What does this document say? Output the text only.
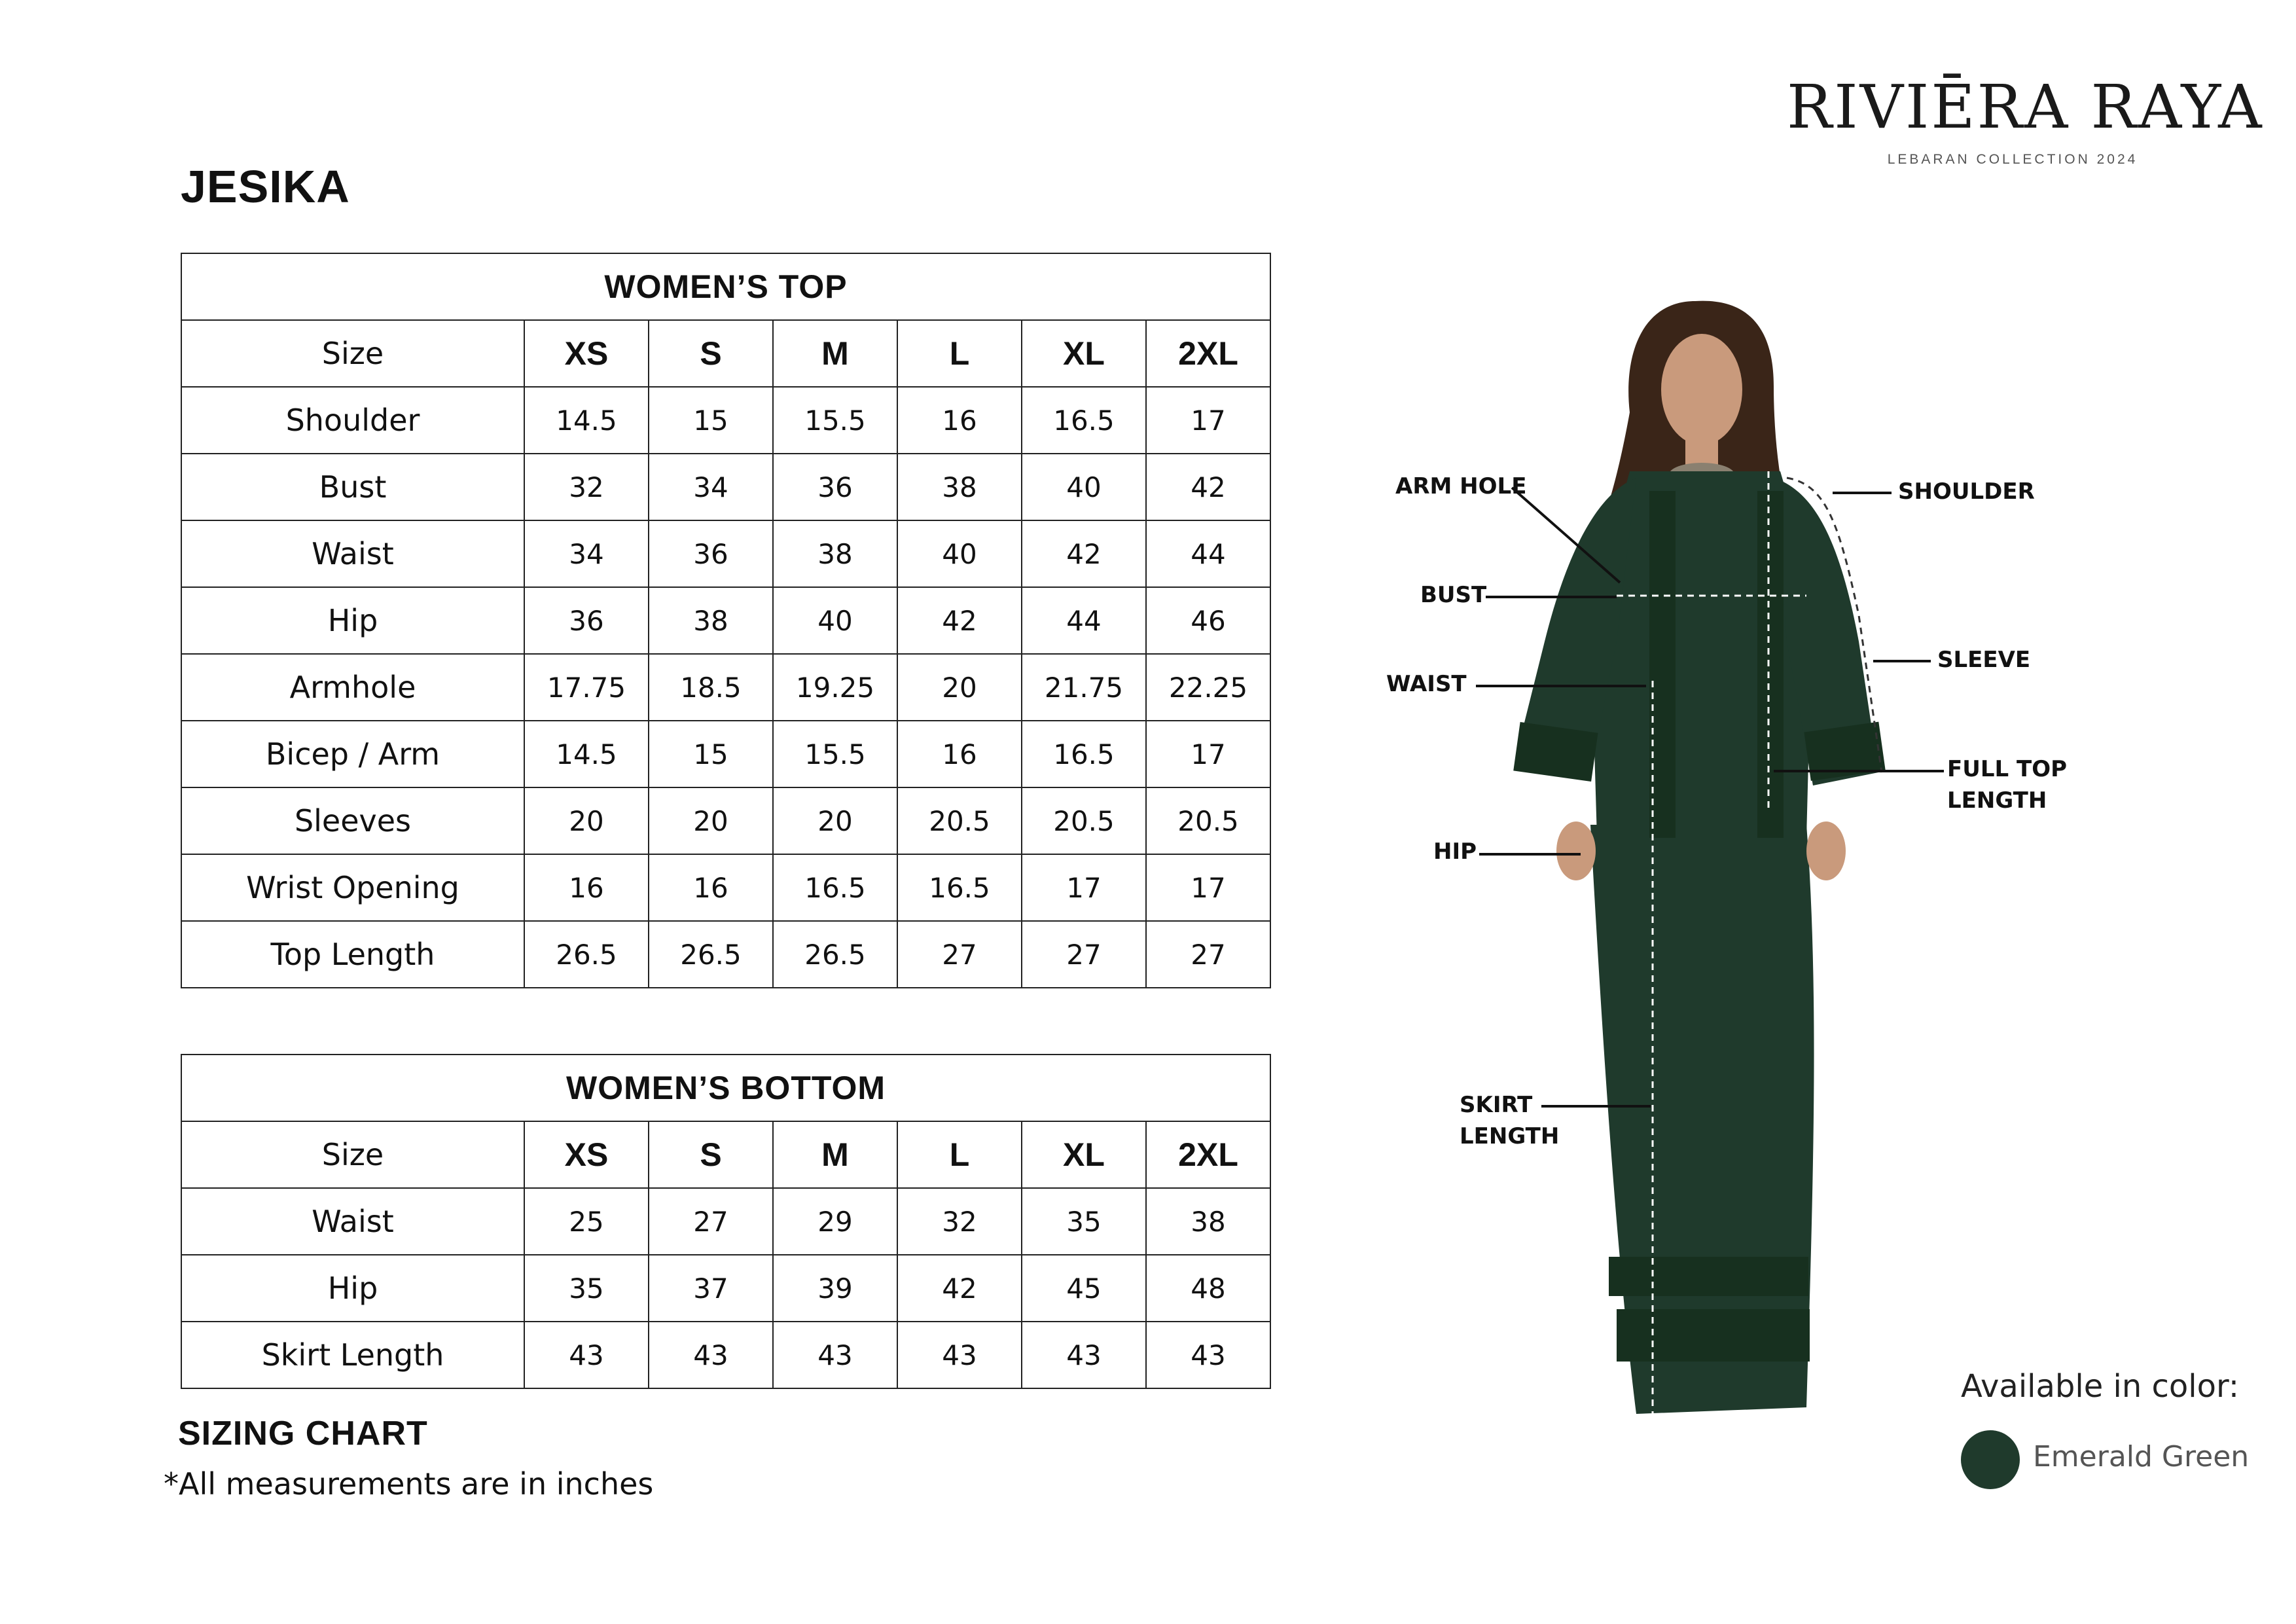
JESIKA
RIVIĒRA RAYA
LEBARAN COLLECTION 2024
WOMEN’S TOP						
Size	XS	S	M	L	XL	2XL
Shoulder	14.5	15	15.5	16	16.5	17
Bust	32	34	36	38	40	42
Waist	34	36	38	40	42	44
Hip	36	38	40	42	44	46
Armhole	17.75	18.5	19.25	20	21.75	22.25
Bicep / Arm	14.5	15	15.5	16	16.5	17
Sleeves	20	20	20	20.5	20.5	20.5
Wrist Opening	16	16	16.5	16.5	17	17
Top Length	26.5	26.5	26.5	27	27	27
WOMEN’S BOTTOM						
Size	XS	S	M	L	XL	2XL
Waist	25	27	29	32	35	38
Hip	35	37	39	42	45	48
Skirt Length	43	43	43	43	43	43
SIZING CHART

*All measurements are in inches

ARM HOLE
BUST
WAIST
HIP
SKIRT
LENGTH
SHOULDER
SLEEVE
FULL TOP
LENGTH

Available in color:

Emerald Green
